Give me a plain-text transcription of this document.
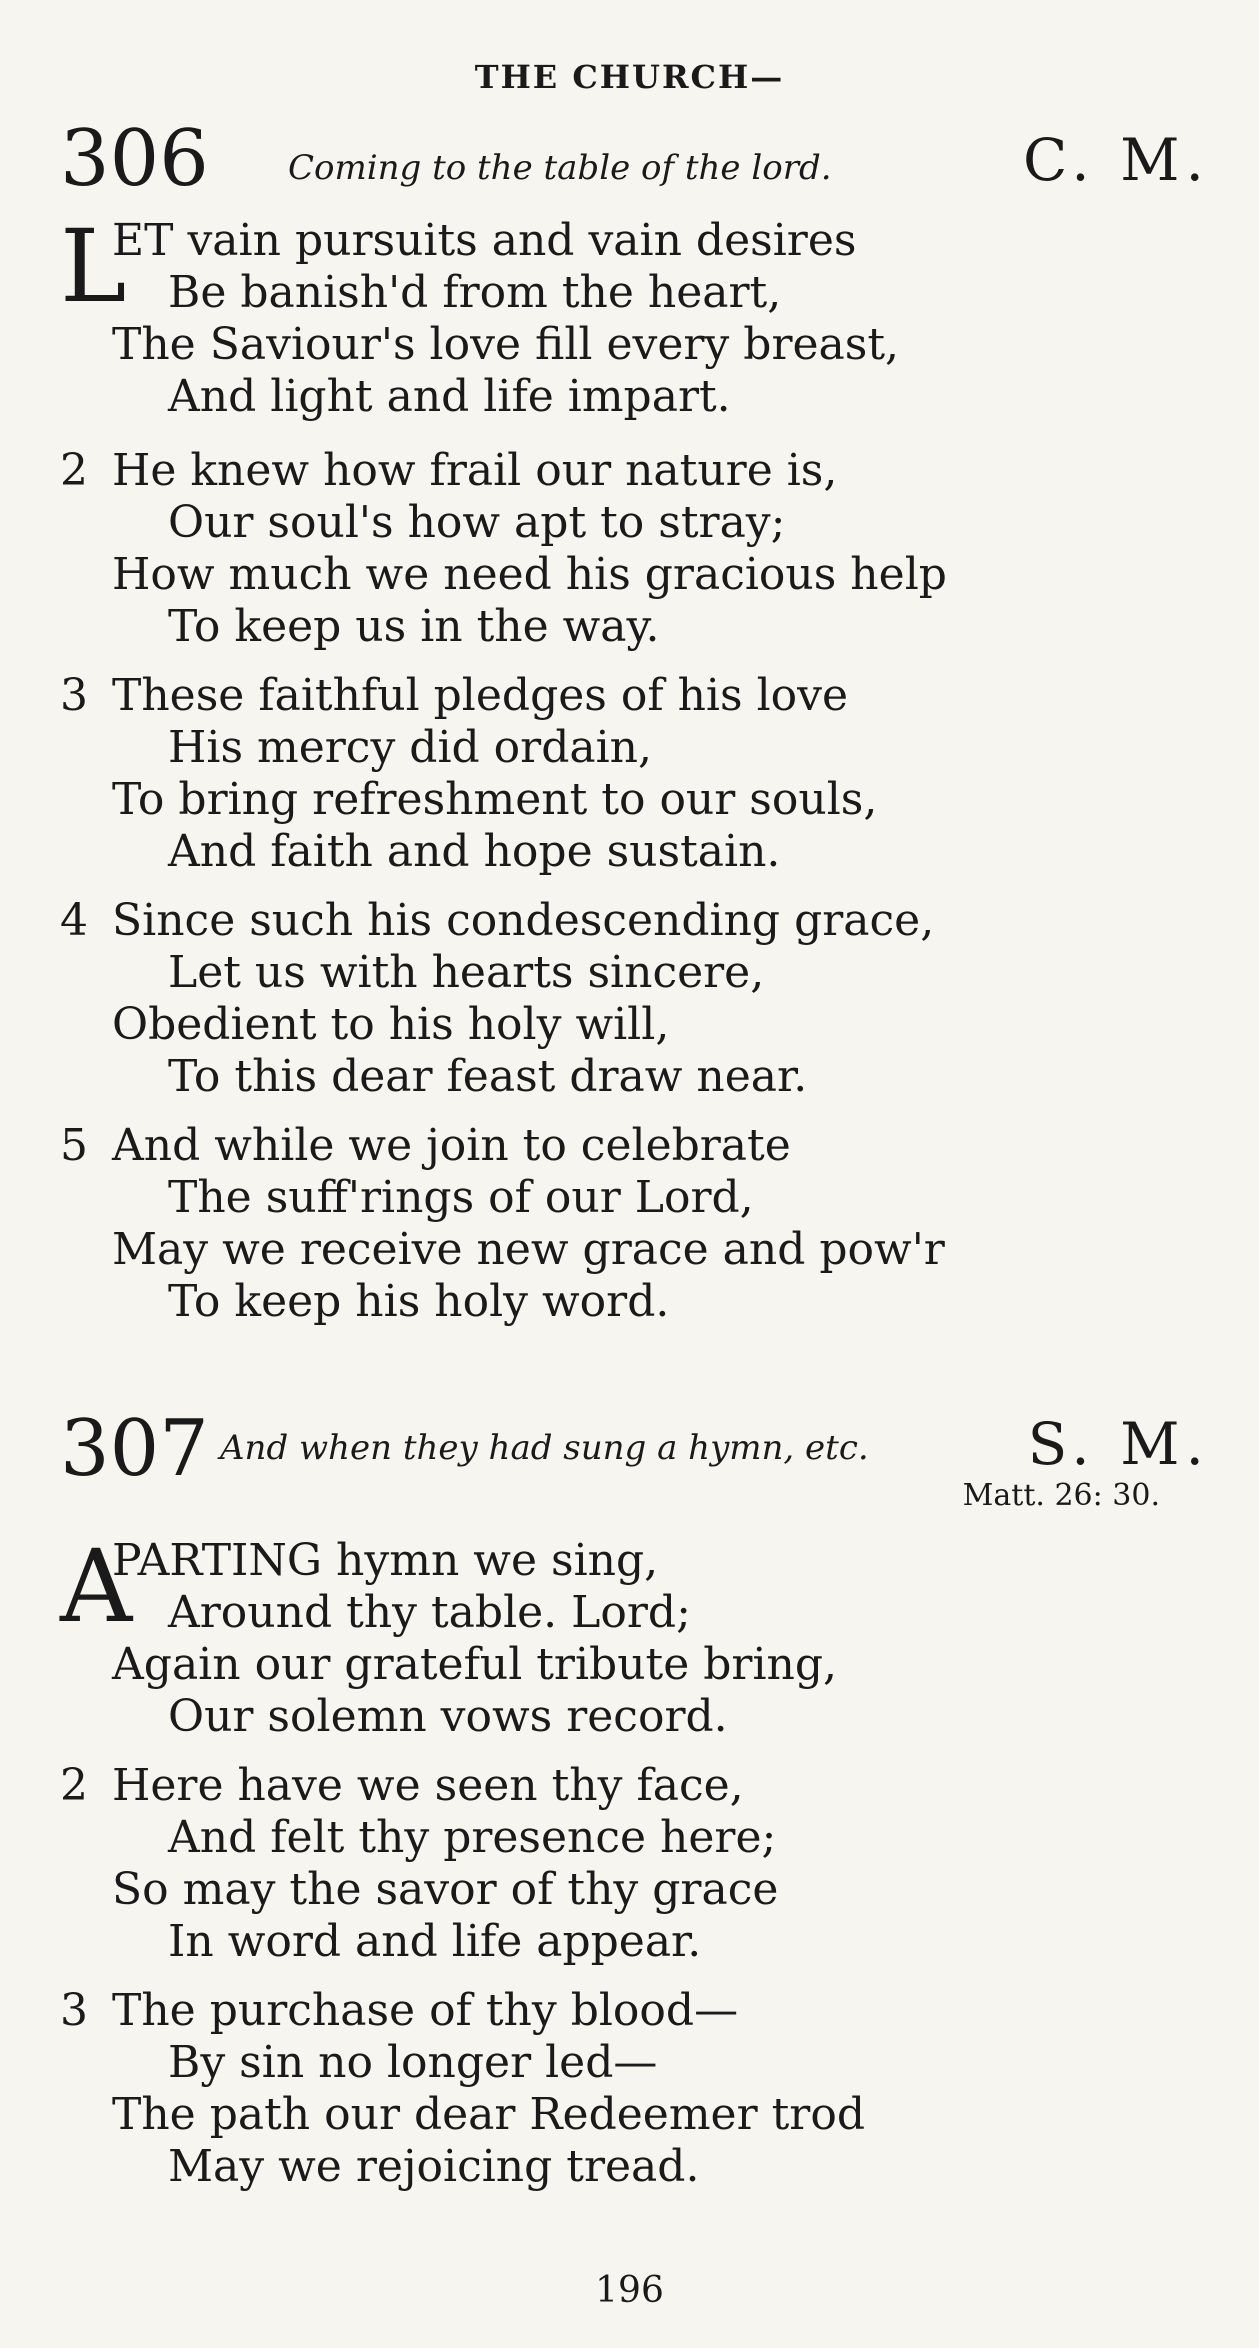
THE CHURCH—
306 Coming to the table of the lord.	C. M.
L
ET vain pursuits and vain desires
Be banish'd from the heart,
The Saviour's love fill every breast,
And light and life impart.
2 He knew how frail our nature is,
Our soul's how apt to stray;
How much we need his gracious help
To keep us in the way.
3 These faithful pledges of his love
His mercy did ordain,
To bring refreshment to our souls,
And faith and hope sustain.
4 Since such his condescending grace,
Let us with hearts sincere,
Obedient to his holy will,
To this dear feast draw near.
5 And while we join to celebrate
The suff'rings of our Lord,
May we receive new grace and pow'r
To keep his holy word.
307 And when they had sung a hymn, etc.	S. M.
Matt. 26: 30.
A
PARTING hymn we sing,
Around thy table. Lord;
Again our grateful tribute bring,
Our solemn vows record.
2 Here have we seen thy face,
And felt thy presence here;
So may the savor of thy grace
In word and life appear.
3 The purchase of thy blood—
By sin no longer led—
The path our dear Redeemer trod
May we rejoicing tread.
196
